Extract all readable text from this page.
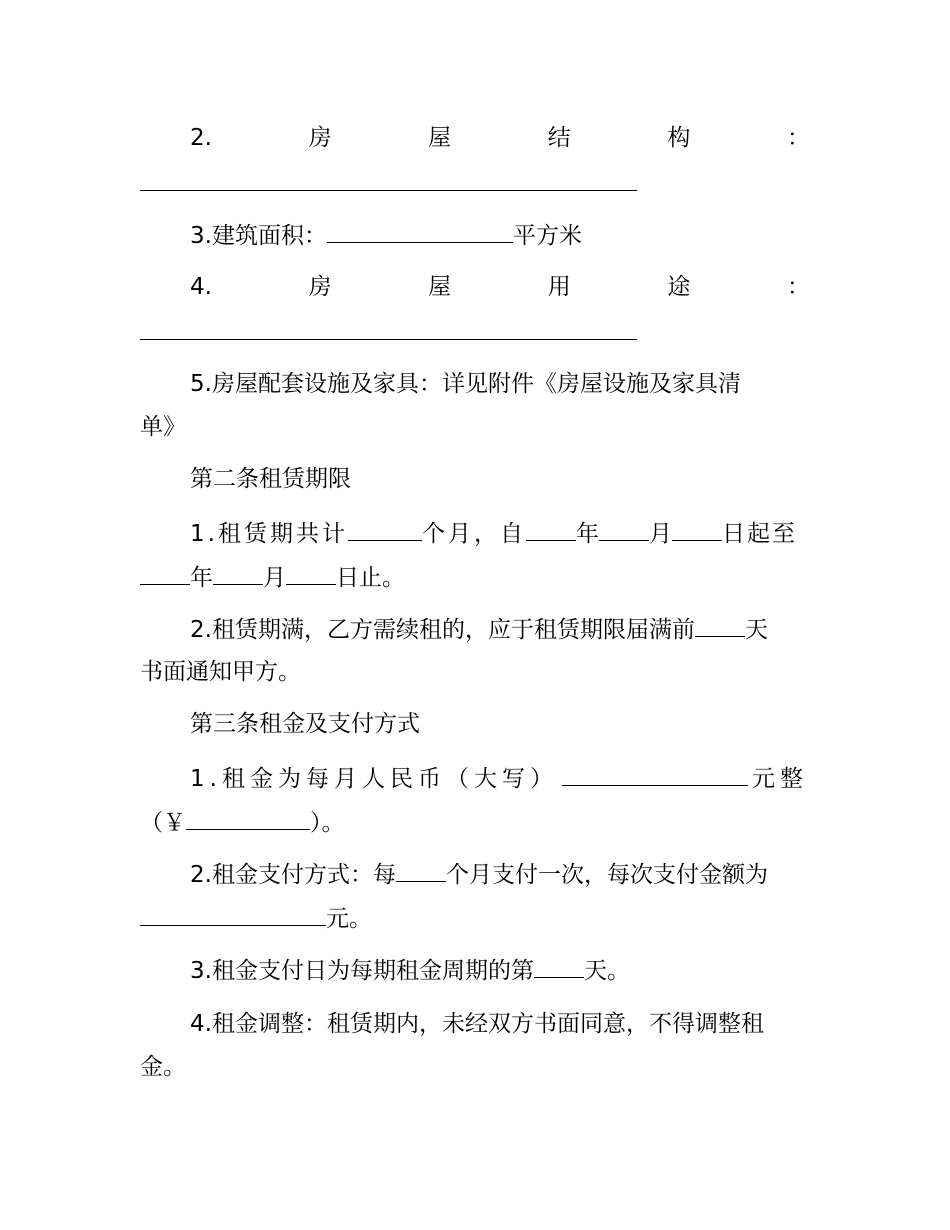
2.	房	屋	结	构	：
3.建筑面积：	平方米
4.	房	屋	用	途	：
5.房屋配套设施及家具：详见附件《房屋设施及家具清
单》
第二条租赁期限
1.租赁期共计	个月，自 年 月 日起至
年 月 日止。
2.租赁期满，乙方需续租的，应于租赁期限届满前 天
书面通知甲方。
第三条租金及支付方式
1.租金为每月人民币（大写）	元整
（￥	）。
2.租金支付方式：每 个月支付一次，每次支付金额为
元。
3.租金支付日为每期租金周期的第 天。
4.租金调整：租赁期内，未经双方书面同意，不得调整租
金。
